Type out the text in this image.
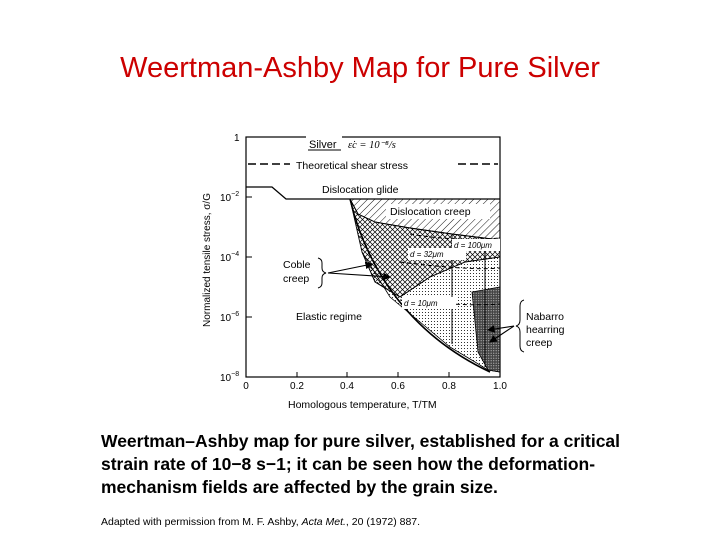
Weertman-Ashby Map for Pure Silver
Silver ε̇c = 10⁻⁸/s
Theoretical shear stress
Dislocation glide
Dislocation creep
d = 32μm
d = 100μm
d = 10μm
Coble
creep
Elastic regime	Nabarro
hearring
creep
1
$10^{-2}$
$10^{-4}$
$10^{-6}$
$10^{-8}$
Normalized tensile stress, σ/G
0	0.2	0.4	0.6	0.8	1.0
Homologous temperature, T/TM
Weertman–Ashby map for pure silver, established for a critical strain rate of 10−8 s−1; it can be seen how the deformation-mechanism fields are affected by the grain size.
Adapted with permission from M. F. Ashby, Acta Met., 20 (1972) 887.
